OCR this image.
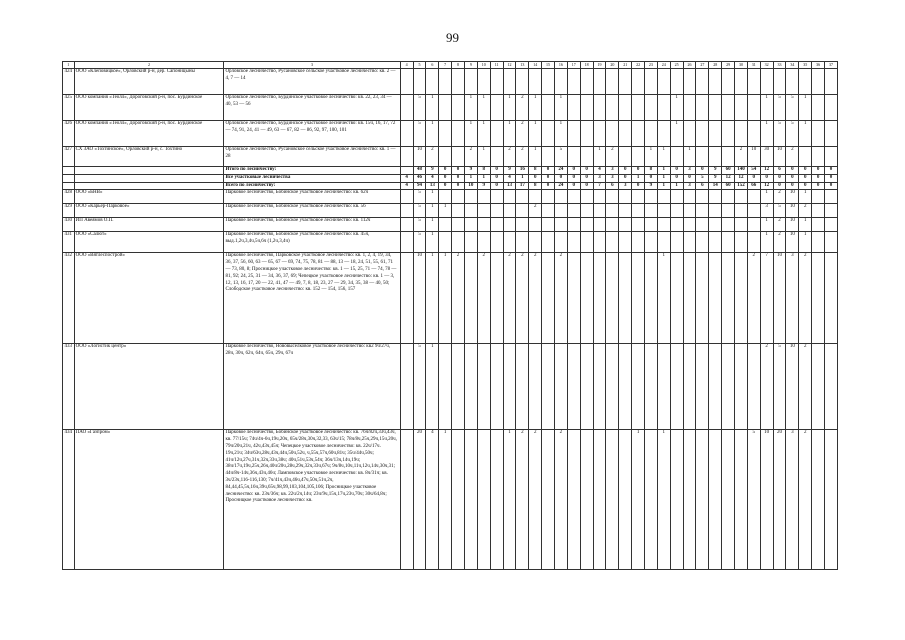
99
1	2	3	4	5	6	7	8	9	10	11	12	13	14	15	16	17	18	19	20	21	22	23	24	25	26	27	28	29	30	31	32	33	34	35	36	37
424	ООО «Клеповицкое», Орловский р-н, дер. Сапоницыны	Орловское лесничество, Русановское сельское участковое лесничество: кв. 2 — 4, 7 — 14																																		
425	ООО компания «Теолл», Дороговский р-н, пос. Бурдинское	Орловское лесничество, Бурдинское участковое лесничество: кв. 22, 23, 34 — 40, 53 — 56		5	1			1	1		1	2	1		1									1							1	5	5	1		
426	ООО компания «Теолл», Дороговский р-н, пос. Бурдинское	Орловское лесничество, Бурдинское участковое лесничество: кв. 15ч, 16, 17, 72 — 74, 91, 24, 41 — 49, 63 — 67, 82 — 86, 92, 97, 100, 101		5	1			1	1		1	2	1		1									1							1	5	5	1		
427	СХ ЗАО «Тохтинское», Орловский р-н, с. Тохтино	Орловское лесничество, Русановское сельское участковое лесничество: кв. 1 — 28		10	2			2	1		2	2	1		5			1	2			1	1		1				2	10	30	10	2			
		Итого по лесничеству:		48	9	0	0	9	8	0	9	16	8	0	24	0	0	4	3	0	0	8	1	0	3	0	9	60	140	54	12	6	0	0	0	0
		Все участковые лесничества	4	46	4	0	0	1	1	0	4	1	0	0	0	0	0	3	3	0	1	0	1	0	0	5	9	12	12	0	0	0	0	0	0	0
		Всего по лесничеству:	4	94	13	0	0	10	9	0	13	17	8	0	24	0	0	7	6	3	0	9	1	1	3	6	14	60	152	66	12	0	0	0	0	0
428	ООО «БНВ»	Парковое лесничество, Бобинское участковое лесничество: кв. 62ч		5	1																										1	2	10	1		
429	ООО «Карьер-Парковое»	Парковое лесничество, Бобинское участковое лесничество: кв. 56		5	1	1							2																		3	5	10	2		
430	ИП Авеямов О.П.	Парковое лесничество, Бобинское участковое лесничество: кв. 112ч		5	1																										1	2	10	1		
431	ООО «Салют»	Парковое лесничество, Бобинское участковое лесничество: кв. 45ч, выд.1,2ч,3,4ч,5ч,6ч (1,2ч,3,4ч)		5	1																										1	2	10	1		
432	ООО «Вятлеспострой»	Парковое лесничество, Парковское участковое лесничество: кв. 1, 2, 4, 19, 34, 36, 37, 56, 60, 63 — 65, 67 — 69, 74, 75, 78, 81 — 88, 13 — 18, 24, 51, 55, 61, 71 — 73, 80, 8; Просницкое участковое лесничество: кв. 1 — 15, 25, 71 — 74, 78 — 81, 92; 24, 25, 31 — 34, 36, 37, 69; Чепецкое участковое лесничество: кв. 1 — 3, 12, 13, 16, 17, 20 — 22, 41, 47 — 49, 7, 8, 18, 23, 27 — 29, 34, 35, 38 — 40, 50; Слободское участковое лесничество: кв. 152 — 154, 156, 157		10	1	1	2		2		2	2	2		2								1							2	7	10	3	2		
433	ООО «Логистик центр»	Парковое лесничество, Нововыселковое участковое лесничество: кв2 9ч/27ч, 28ч, 30ч, 62ч, 64ч, 65ч, 29ч, 67ч		5	1																										2	5	10	2		
434	ПАО «Газпром»	Парковое лесничество, Бобинское участковое лесничество: кв. 76ч/82ч,33ч,43ч, кв. 77/15ч; 74ч/4ч-6ч,19ч,20ч, 65ч/28ч,30ч,32,33, 63ч/15; 78ч/8ч,25ч,29ч,15ч,20ч, 79ч/20ч,21ч, 42ч,43ч,45ч; Чепецкое участковое лесничество: кв. 22ч/17ч. 19ч,21ч; 34ч/63ч,28ч,43ч,44ч,50ч,52ч, ч,55ч,57ч,60ч,81ч; 35ч/44ч,50ч; 41ч/12ч,27ч,31ч,32ч,33ч,38ч; 40ч,51ч,53ч,54ч; 36ч/13ч,14ч,19ч; 38ч/17ч,19ч,25ч,26ч,40ч/20ч,28ч,29ч,32ч,33ч,67ч; 9ч/8ч,10ч,11ч,12ч,14ч,30ч,31; 44ч/8ч-14ч,36ч,43ч,46ч; Ламповское участковое лесничество: кв. 8ч/31ч; кв. 3ч/23ч,116-116,130; 7ч/41ч,43ч,46ч,47ч,50ч,51ч,2ч, 84,44,45,5ч,16ч,39ч,65ч,98,99,103,104,105,106; Просницкое участковое лесничество: кв. 23ч/36ч; кв. 22ч/2ч,14ч; 23ч/9ч,15ч,17ч,23ч,70ч; 30ч/64,8ч; Просницкое участковое лесничество: кв.		20	4	1					1	2	2		2						1		1							5	10	20	3	2		
